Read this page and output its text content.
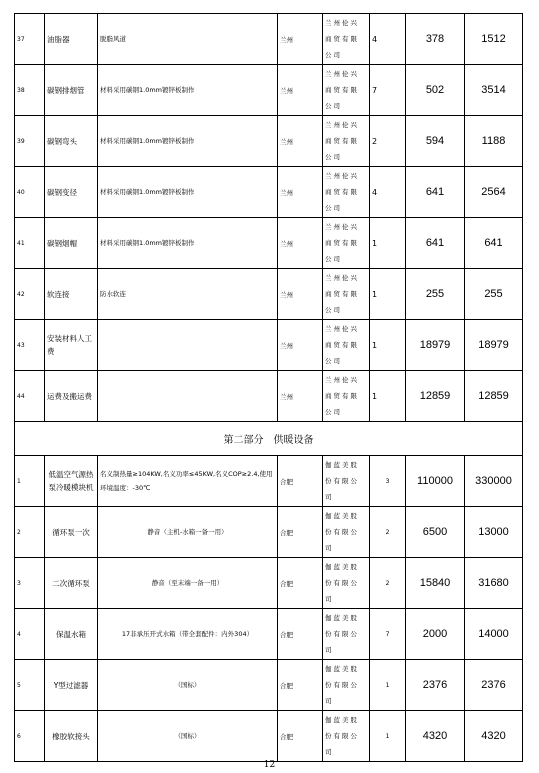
37	油脂器	脱脂风道	兰州	兰州伦兴商贸有限公司	4	378	1512
38	碳钢排烟管	材料采用碳钢1.0mm镀锌板制作	兰州	兰州伦兴商贸有限公司	7	502	3514
39	碳钢弯头	材料采用碳钢1.0mm镀锌板制作	兰州	兰州伦兴商贸有限公司	2	594	1188
40	碳钢变径	材料采用碳钢1.0mm镀锌板制作	兰州	兰州伦兴商贸有限公司	4	641	2564
41	碳钢烟帽	材料采用碳钢1.0mm镀锌板制作	兰州	兰州伦兴商贸有限公司	1	641	641
42	软连接	防水软连	兰州	兰州伦兴商贸有限公司	1	255	255
43	安装材料人工费		兰州	兰州伦兴商贸有限公司	1	18979	18979
44	运费及搬运费		兰州	兰州伦兴商贸有限公司	1	12859	12859
第二部分　供暖设备							
1	低温空气源热泵冷暖模块机	名义制热量≥104KW,名义功率≤45KW,名义COP≥2.4,使用环境温度：-30℃	合肥	伽蓝美股份有限公司	3	110000	330000
2	循环泵一次	静音（主机-水箱一备一用）	合肥	伽蓝美股份有限公司	2	6500	13000
3	二次循环泵	静音（至末端一备一用）	合肥	伽蓝美股份有限公司	2	15840	31680
4	保温水箱	17非承压开式水箱（带全套配件：内外304）	合肥	伽蓝美股份有限公司	7	2000	14000
5	Y型过滤器	（国标）	合肥	伽蓝美股份有限公司	1	2376	2376
6	橡胶软接头	（国标）	合肥	伽蓝美股份有限公司	1	4320	4320
12
